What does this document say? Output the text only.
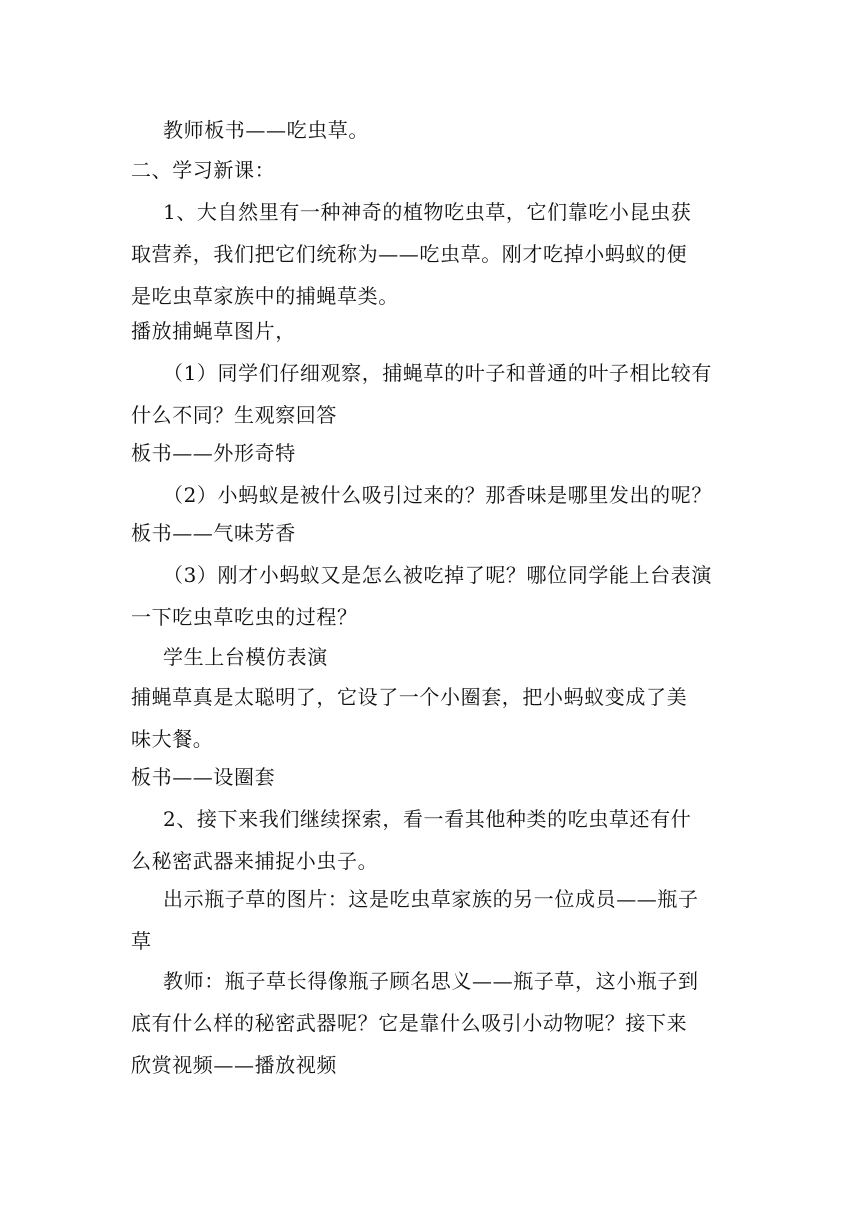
教师板书——吃虫草。
二、学习新课：
1、大自然里有一种神奇的植物吃虫草，它们靠吃小昆虫获
取营养，我们把它们统称为——吃虫草。刚才吃掉小蚂蚁的便
是吃虫草家族中的捕蝇草类。
播放捕蝇草图片，
（1）同学们仔细观察，捕蝇草的叶子和普通的叶子相比较有
什么不同？生观察回答
板书——外形奇特
（2）小蚂蚁是被什么吸引过来的？那香味是哪里发出的呢？
板书——气味芳香
（3）刚才小蚂蚁又是怎么被吃掉了呢？哪位同学能上台表演
一下吃虫草吃虫的过程？
学生上台模仿表演
捕蝇草真是太聪明了，它设了一个小圈套，把小蚂蚁变成了美
味大餐。
板书——设圈套
2、接下来我们继续探索，看一看其他种类的吃虫草还有什
么秘密武器来捕捉小虫子。
出示瓶子草的图片：这是吃虫草家族的另一位成员——瓶子
草
教师：瓶子草长得像瓶子顾名思义——瓶子草，这小瓶子到
底有什么样的秘密武器呢？它是靠什么吸引小动物呢？接下来
欣赏视频——播放视频
